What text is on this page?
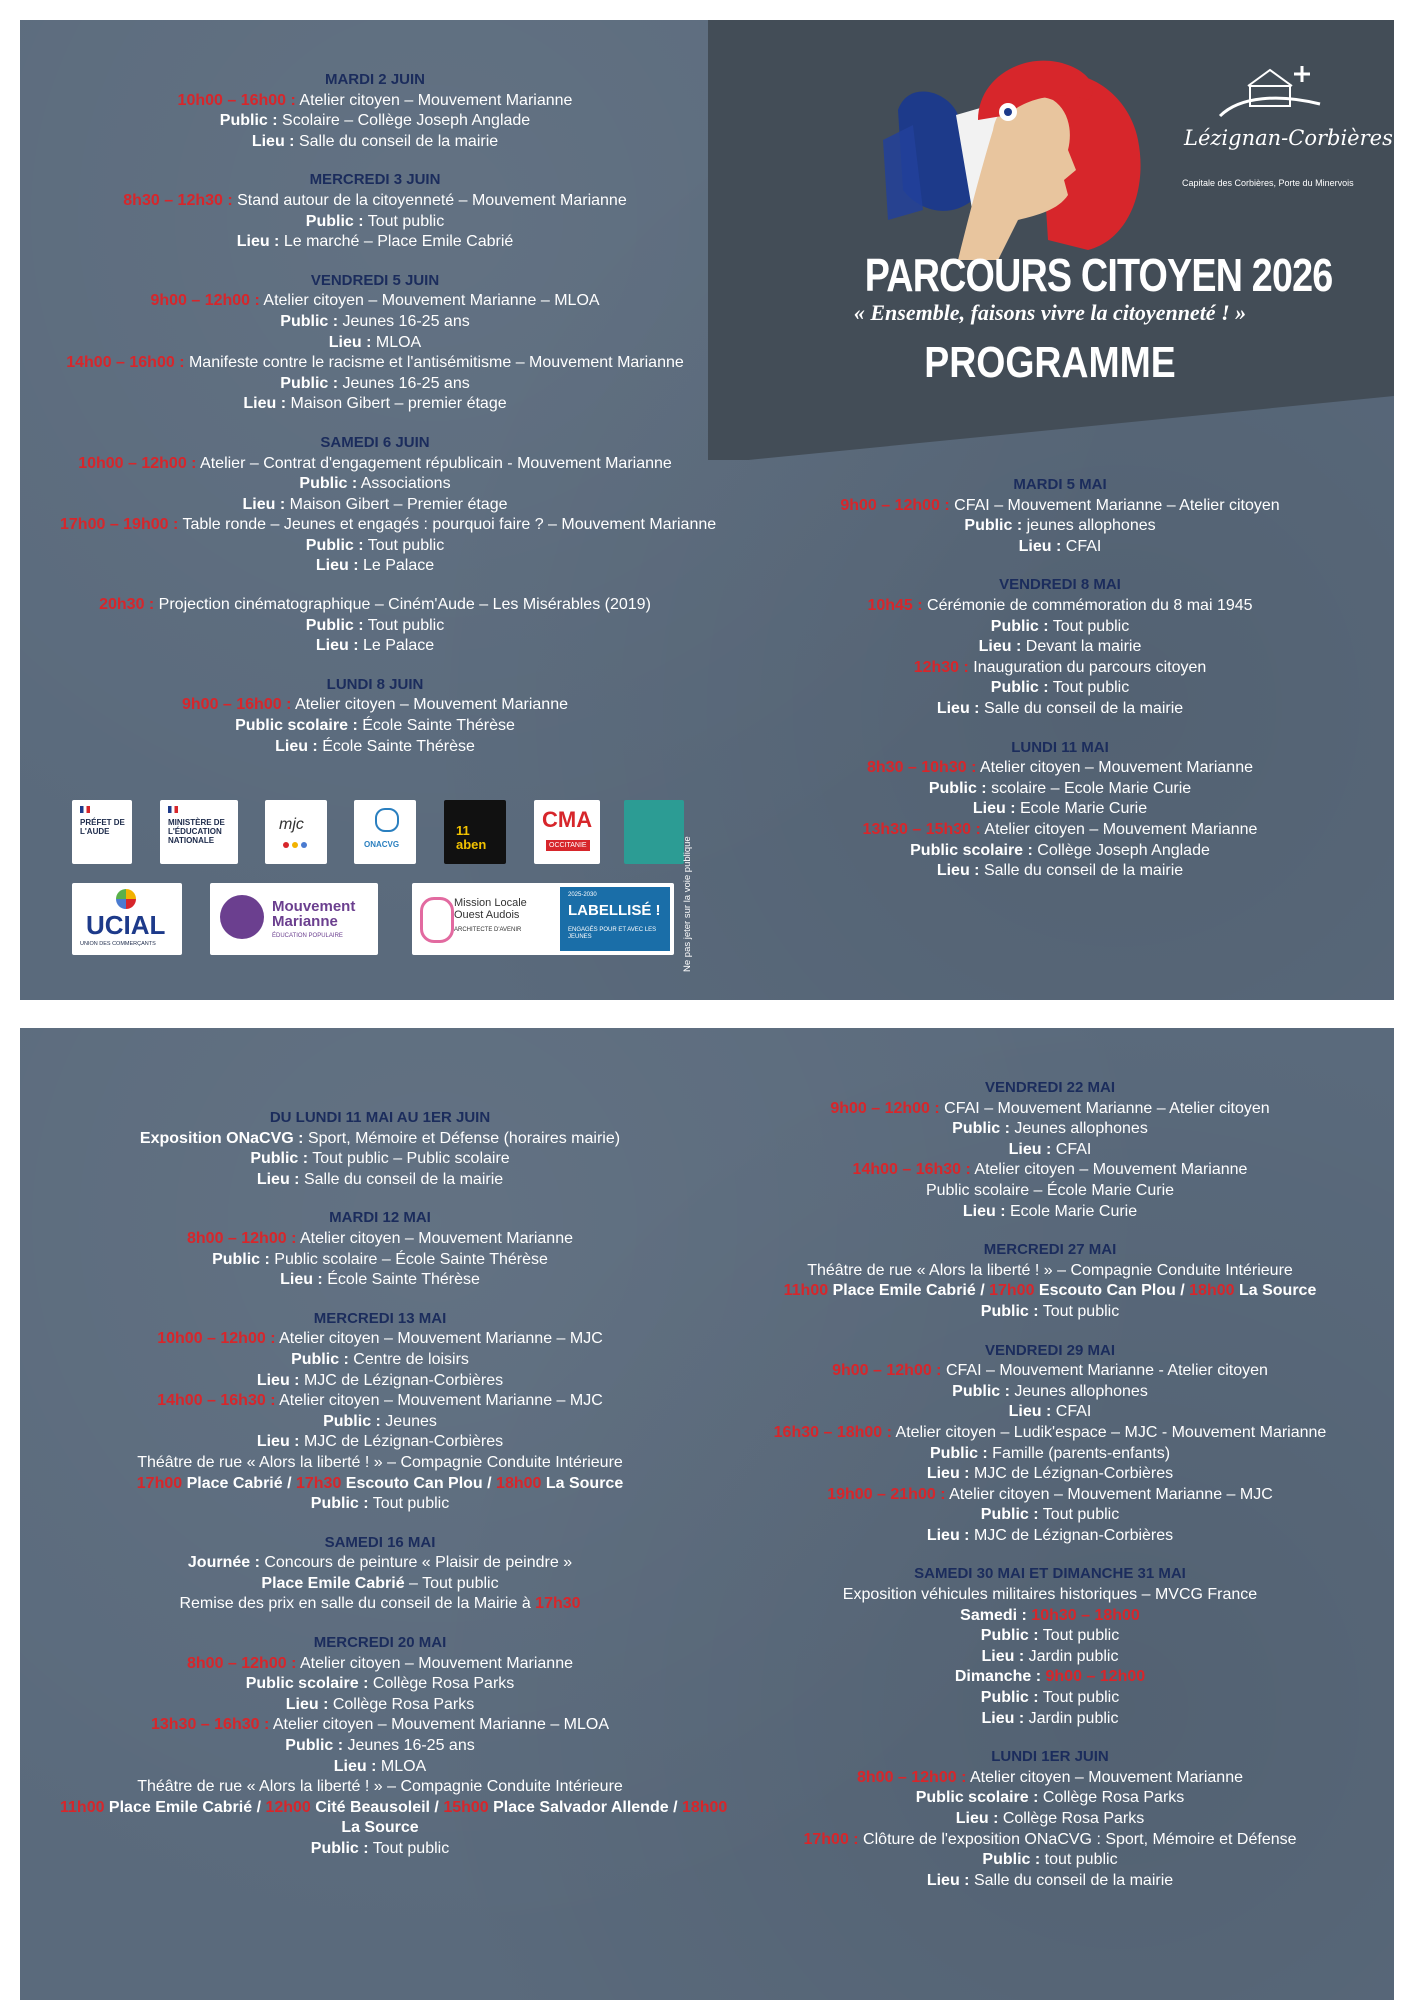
Lézignan-Corbières
Capitale des Corbières, Porte du Minervois
PARCOURS CITOYEN 2026
« Ensemble, faisons vivre la citoyenneté ! »
PROGRAMME
MARDI 2 JUIN
10h00 – 16h00 : Atelier citoyen – Mouvement Marianne
Public : Scolaire – Collège Joseph Anglade
Lieu : Salle du conseil de la mairie
MERCREDI 3 JUIN
8h30 – 12h30 : Stand autour de la citoyenneté – Mouvement Marianne
Public : Tout public
Lieu : Le marché – Place Emile Cabrié
VENDREDI 5 JUIN
9h00 – 12h00 : Atelier citoyen – Mouvement Marianne – MLOA
Public : Jeunes 16-25 ans
Lieu : MLOA
14h00 – 16h00 : Manifeste contre le racisme et l'antisémitisme – Mouvement Marianne
Public : Jeunes 16-25 ans
Lieu : Maison Gibert – premier étage
SAMEDI 6 JUIN
10h00 – 12h00 : Atelier – Contrat d'engagement républicain - Mouvement Marianne
Public : Associations
Lieu : Maison Gibert – Premier étage
17h00 – 19h00 : Table ronde – Jeunes et engagés : pourquoi faire ? – Mouvement Marianne
Public : Tout public
Lieu : Le Palace
20h30 : Projection cinématographique – Ciném'Aude – Les Misérables (2019)
Public : Tout public
Lieu : Le Palace
LUNDI 8 JUIN
9h00 – 16h00 : Atelier citoyen – Mouvement Marianne
Public scolaire : École Sainte Thérèse
Lieu : École Sainte Thérèse
MARDI 5 MAI
9h00 – 12h00 : CFAI – Mouvement Marianne – Atelier citoyen
Public : jeunes allophones
Lieu : CFAI
VENDREDI 8 MAI
10h45 : Cérémonie de commémoration du 8 mai 1945
Public : Tout public
Lieu : Devant la mairie
12h30 : Inauguration du parcours citoyen
Public : Tout public
Lieu : Salle du conseil de la mairie
LUNDI 11 MAI
8h30 – 10h30 : Atelier citoyen – Mouvement Marianne
Public : scolaire – Ecole Marie Curie
Lieu : Ecole Marie Curie
13h30 – 15h30 : Atelier citoyen – Mouvement Marianne
Public scolaire : Collège Joseph Anglade
Lieu : Salle du conseil de la mairie
PRÉFET DE L'AUDE
MINISTÈRE DE L'ÉDUCATION NATIONALE
mjc
ONACVG
11 aben
CMA
OCCITANIE
UCIAL
UNION DES COMMERÇANTS
Mouvement Marianne
ÉDUCATION POPULAIRE
Mission Locale Ouest Audois
ARCHITECTE D'AVENIR
2025-2030
LABELLISÉ !
ENGAGÉS POUR ET AVEC LES JEUNES	Ne pas jeter sur la voie publique
DU LUNDI 11 MAI AU 1ER JUIN
Exposition ONaCVG : Sport, Mémoire et Défense (horaires mairie)
Public : Tout public – Public scolaire
Lieu : Salle du conseil de la mairie
MARDI 12 MAI
8h00 – 12h00 : Atelier citoyen – Mouvement Marianne
Public : Public scolaire – École Sainte Thérèse
Lieu : École Sainte Thérèse
MERCREDI 13 MAI
10h00 – 12h00 : Atelier citoyen – Mouvement Marianne – MJC
Public : Centre de loisirs
Lieu : MJC de Lézignan-Corbières
14h00 – 16h30 : Atelier citoyen – Mouvement Marianne – MJC
Public : Jeunes
Lieu : MJC de Lézignan-Corbières
Théâtre de rue « Alors la liberté ! » – Compagnie Conduite Intérieure
17h00 Place Cabrié / 17h30 Escouto Can Plou / 18h00 La Source
Public : Tout public
SAMEDI 16 MAI
Journée : Concours de peinture « Plaisir de peindre »
Place Emile Cabrié – Tout public
Remise des prix en salle du conseil de la Mairie à 17h30
MERCREDI 20 MAI
8h00 – 12h00 : Atelier citoyen – Mouvement Marianne
Public scolaire : Collège Rosa Parks
Lieu : Collège Rosa Parks
13h30 – 16h30 : Atelier citoyen – Mouvement Marianne – MLOA
Public : Jeunes 16-25 ans
Lieu : MLOA
Théâtre de rue « Alors la liberté ! » – Compagnie Conduite Intérieure
11h00 Place Emile Cabrié / 12h00 Cité Beausoleil / 15h00 Place Salvador Allende / 18h00
La Source
Public : Tout public
VENDREDI 22 MAI
9h00 – 12h00 : CFAI – Mouvement Marianne – Atelier citoyen
Public : Jeunes allophones
Lieu : CFAI
14h00 – 16h30 : Atelier citoyen – Mouvement Marianne
Public scolaire – École Marie Curie
Lieu : Ecole Marie Curie
MERCREDI 27 MAI
Théâtre de rue « Alors la liberté ! » – Compagnie Conduite Intérieure
11h00 Place Emile Cabrié / 17h00 Escouto Can Plou / 18h00 La Source
Public : Tout public
VENDREDI 29 MAI
9h00 – 12h00 : CFAI – Mouvement Marianne - Atelier citoyen
Public : Jeunes allophones
Lieu : CFAI
16h30 – 18h00 : Atelier citoyen – Ludik'espace – MJC - Mouvement Marianne
Public : Famille (parents-enfants)
Lieu : MJC de Lézignan-Corbières
19h00 – 21h00 : Atelier citoyen – Mouvement Marianne – MJC
Public : Tout public
Lieu : MJC de Lézignan-Corbières
SAMEDI 30 MAI ET DIMANCHE 31 MAI
Exposition véhicules militaires historiques – MVCG France
Samedi : 10h30 – 18h00
Public : Tout public
Lieu : Jardin public
Dimanche : 9h00 – 12h00
Public : Tout public
Lieu : Jardin public
LUNDI 1ER JUIN
8h00 – 12h00 : Atelier citoyen – Mouvement Marianne
Public scolaire : Collège Rosa Parks
Lieu : Collège Rosa Parks
17h00 : Clôture de l'exposition ONaCVG : Sport, Mémoire et Défense
Public : tout public
Lieu : Salle du conseil de la mairie
